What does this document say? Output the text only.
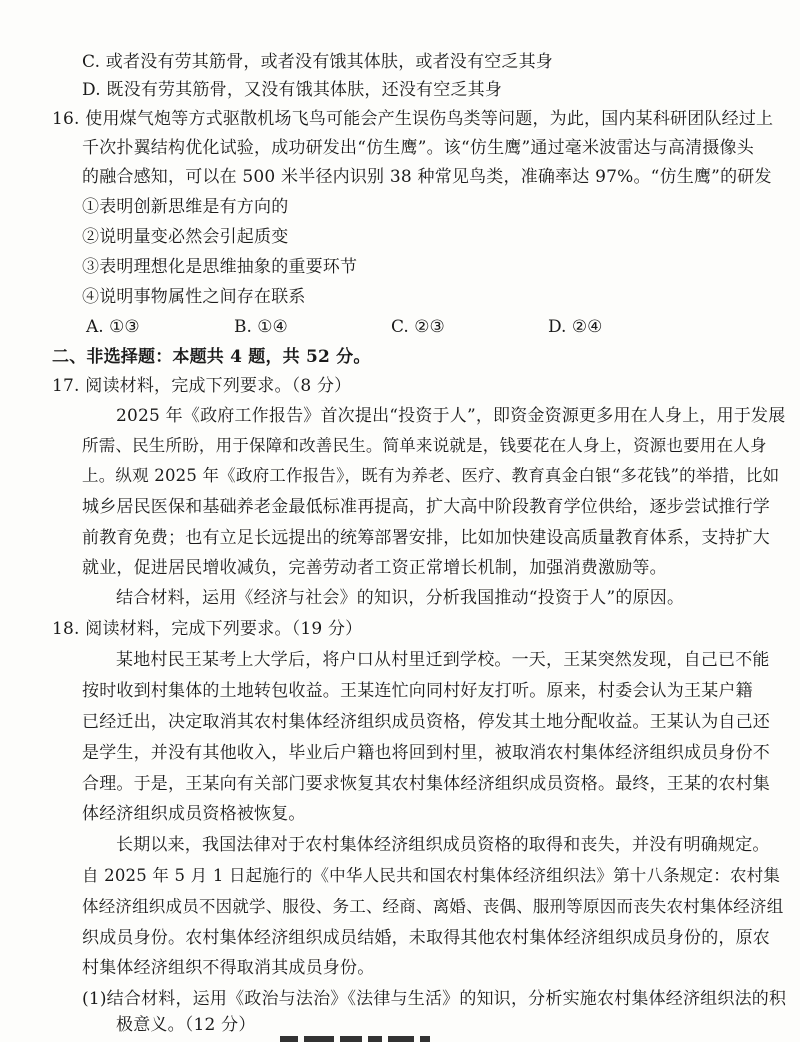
C. 或者没有劳其筋骨，或者没有饿其体肤，或者没有空乏其身
D. 既没有劳其筋骨，又没有饿其体肤，还没有空乏其身
16. 使用煤气炮等方式驱散机场飞鸟可能会产生误伤鸟类等问题，为此，国内某科研团队经过上
千次扑翼结构优化试验，成功研发出“仿生鹰”。该“仿生鹰”通过毫米波雷达与高清摄像头
的融合感知，可以在 500 米半径内识别 38 种常见鸟类，准确率达 97%。“仿生鹰”的研发
①表明创新思维是有方向的
②说明量变必然会引起质变
③表明理想化是思维抽象的重要环节
④说明事物属性之间存在联系
A. ①③	B. ①④	C. ②③	D. ②④
二、非选择题：本题共 4 题，共 52 分。
17. 阅读材料，完成下列要求。（8 分）
2025 年《政府工作报告》首次提出“投资于人”，即资金资源更多用在人身上，用于发展
所需、民生所盼，用于保障和改善民生。简单来说就是，钱要花在人身上，资源也要用在人身
上。纵观 2025 年《政府工作报告》，既有为养老、医疗、教育真金白银“多花钱”的举措，比如
城乡居民医保和基础养老金最低标准再提高，扩大高中阶段教育学位供给，逐步尝试推行学
前教育免费；也有立足长远提出的统筹部署安排，比如加快建设高质量教育体系，支持扩大
就业，促进居民增收减负，完善劳动者工资正常增长机制，加强消费激励等。
结合材料，运用《经济与社会》的知识，分析我国推动“投资于人”的原因。
18. 阅读材料，完成下列要求。（19 分）
某地村民王某考上大学后，将户口从村里迁到学校。一天，王某突然发现，自己已不能
按时收到村集体的土地转包收益。王某连忙向同村好友打听。原来，村委会认为王某户籍
已经迁出，决定取消其农村集体经济组织成员资格，停发其土地分配收益。王某认为自己还
是学生，并没有其他收入，毕业后户籍也将回到村里，被取消农村集体经济组织成员身份不
合理。于是，王某向有关部门要求恢复其农村集体经济组织成员资格。最终，王某的农村集
体经济组织成员资格被恢复。
长期以来，我国法律对于农村集体经济组织成员资格的取得和丧失，并没有明确规定。
自 2025 年 5 月 1 日起施行的《中华人民共和国农村集体经济组织法》第十八条规定：农村集
体经济组织成员不因就学、服役、务工、经商、离婚、丧偶、服刑等原因而丧失农村集体经济组
织成员身份。农村集体经济组织成员结婚，未取得其他农村集体经济组织成员身份的，原农
村集体经济组织不得取消其成员身份。
(1)结合材料，运用《政治与法治》《法律与生活》的知识，分析实施农村集体经济组织法的积
极意义。（12 分）
